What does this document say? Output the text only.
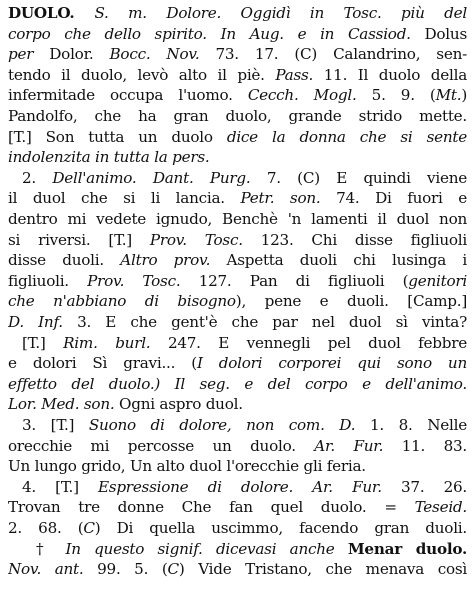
DUOLO. S. m. Dolore. Oggidì in Tosc. più del
corpo che dello spirito. In Aug. e in Cassiod. Dolus
per Dolor. Bocc. Nov. 73. 17. (C) Calandrino, sen-
tendo il duolo, levò alto il piè. Pass. 11. Il duolo della
infermitade occupa l'uomo. Cecch. Mogl. 5. 9. (Mt.)
Pandolfo, che ha gran duolo, grande strido mette.
[T.] Son tutta un duolo dice la donna che si sente
indolenzita in tutta la pers.
2. Dell'animo. Dant. Purg. 7. (C) E quindi viene
il duol che si li lancia. Petr. son. 74. Di fuori e
dentro mi vedete ignudo, Benchè 'n lamenti il duol non
si riversi. [T.] Prov. Tosc. 123. Chi disse figliuoli
disse duoli. Altro prov. Aspetta duoli chi lusinga i
figliuoli. Prov. Tosc. 127. Pan di figliuoli (genitori
che n'abbiano di bisogno), pene e duoli. [Camp.]
D. Inf. 3. E che gent'è che par nel duol sì vinta?
[T.] Rim. burl. 247. E vennegli pel duol febbre
e dolori Sì gravi... (I dolori corporei qui sono un
effetto del duolo.) Il seg. e del corpo e dell'animo.
Lor. Med. son. Ogni aspro duol.
3. [T.] Suono di dolore, non com. D. 1. 8. Nelle
orecchie mi percosse un duolo. Ar. Fur. 11. 83.
Un lungo grido, Un alto duol l'orecchie gli feria.
4. [T.] Espressione di dolore. Ar. Fur. 37. 26.
Trovan tre donne Che fan quel duolo. = Teseid.
2. 68. (C) Di quella uscimmo, facendo gran duoli.
† In questo signif. dicevasi anche Menar duolo.
Nov. ant. 99. 5. (C) Vide Tristano, che menava così
